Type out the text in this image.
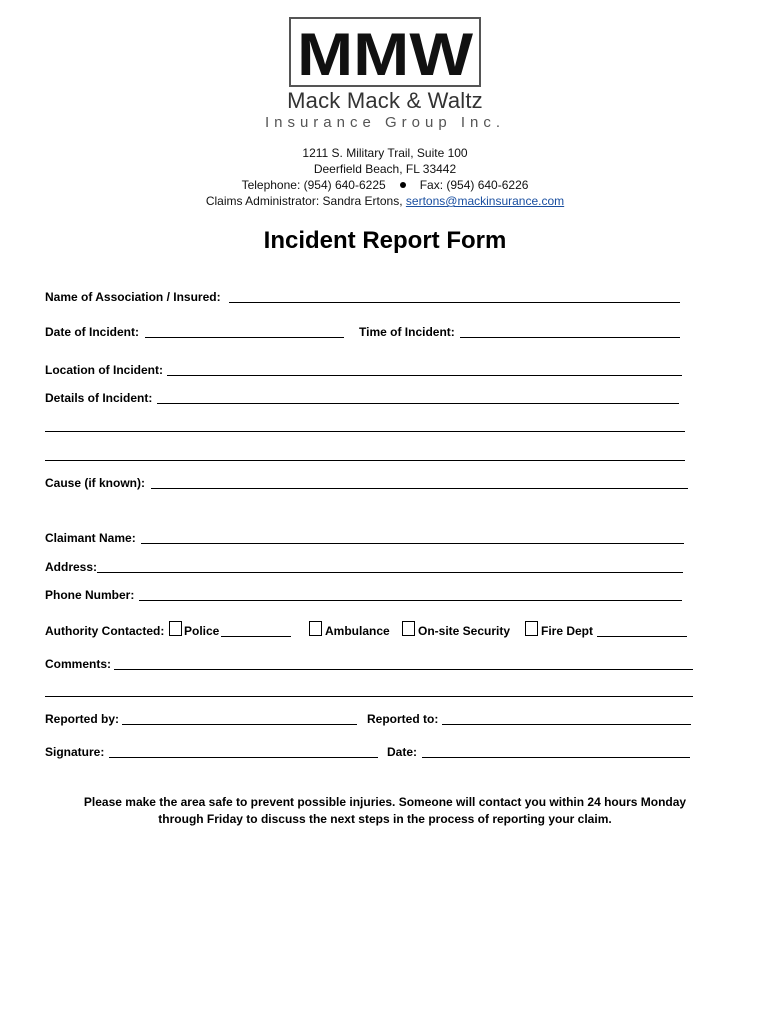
MMW
Mack Mack & Waltz
Insurance Group Inc.
1211 S. Military Trail, Suite 100
Deerfield Beach, FL 33442
Telephone: (954) 640-6225	Fax: (954) 640-6226
Claims Administrator: Sandra Ertons, sertons@mackinsurance.com
Incident Report Form
Name of Association / Insured:
Date of Incident:	Time of Incident:
Location of Incident:
Details of Incident:
Cause (if known):
Claimant Name:
Address:
Phone Number:
Authority Contacted: Police	Ambulance On-site Security	Fire Dept
Comments:
Reported by:	Reported to:
Signature:	Date:
Please make the area safe to prevent possible injuries. Someone will contact you within 24 hours Monday
through Friday to discuss the next steps in the process of reporting your claim.
